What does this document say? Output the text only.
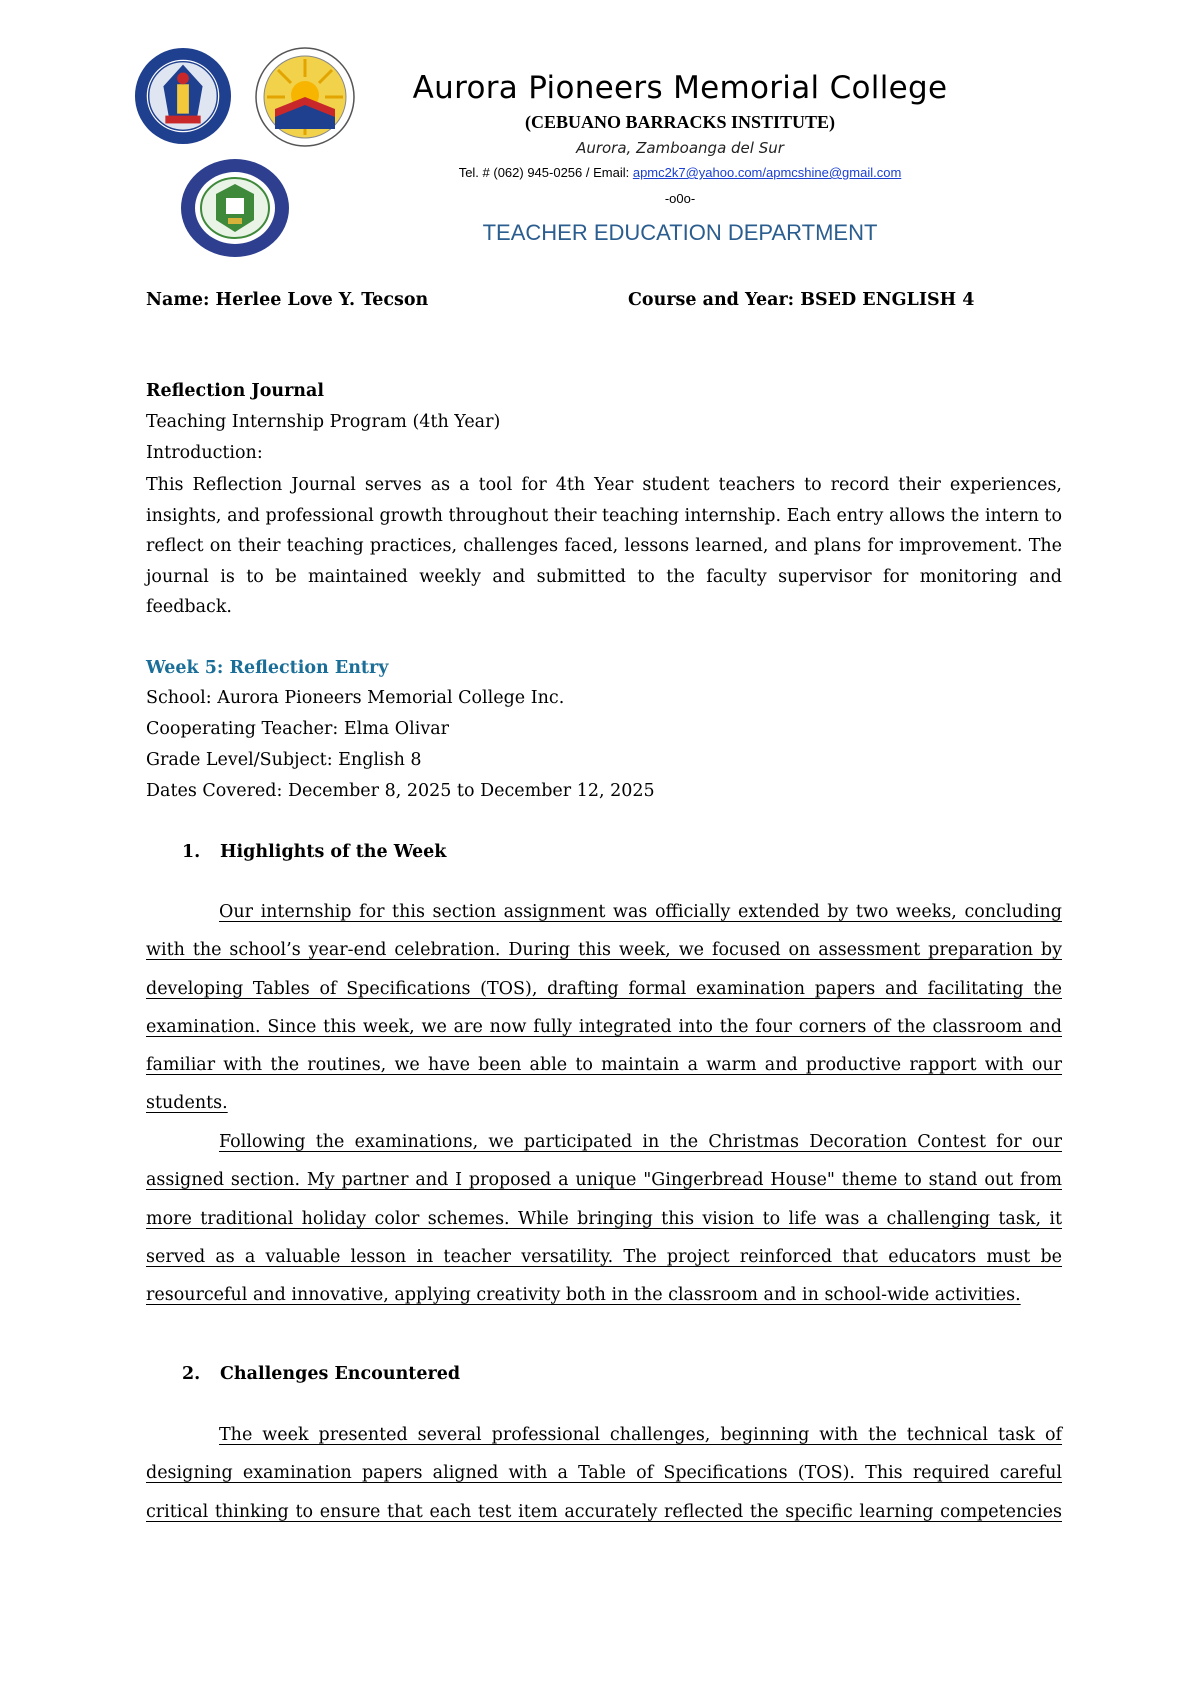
Aurora Pioneers Memorial College
(CEBUANO BARRACKS INSTITUTE)
Aurora, Zamboanga del Sur
Tel. # (062) 945-0256 / Email: apmc2k7@yahoo.com/apmcshine@gmail.com
-o0o-
TEACHER EDUCATION DEPARTMENT
Name: Herlee Love Y. Tecson	Course and Year: BSED ENGLISH 4
Reflection Journal
Teaching Internship Program (4th Year)
Introduction:
This Reflection Journal serves as a tool for 4th Year student teachers to record their experiences, insights, and professional growth throughout their teaching internship. Each entry allows the intern to reflect on their teaching practices, challenges faced, lessons learned, and plans for improvement. The journal is to be maintained weekly and submitted to the faculty supervisor for monitoring and feedback.
Week 5: Reflection Entry
School: Aurora Pioneers Memorial College Inc.
Cooperating Teacher: Elma Olivar
Grade Level/Subject: English 8
Dates Covered: December 8, 2025 to December 12, 2025
1. Highlights of the Week
Our internship for this section assignment was officially extended by two weeks, concluding with the school’s year-end celebration. During this week, we focused on assessment preparation by developing Tables of Specifications (TOS), drafting formal examination papers and facilitating the examination. Since this week, we are now fully integrated into the four corners of the classroom and familiar with the routines, we have been able to maintain a warm and productive rapport with our students.
Following the examinations, we participated in the Christmas Decoration Contest for our assigned section. My partner and I proposed a unique "Gingerbread House" theme to stand out from more traditional holiday color schemes. While bringing this vision to life was a challenging task, it served as a valuable lesson in teacher versatility. The project reinforced that educators must be resourceful and innovative, applying creativity both in the classroom and in school-wide activities.
2. Challenges Encountered
The week presented several professional challenges, beginning with the technical task of designing examination papers aligned with a Table of Specifications (TOS). This required careful critical thinking to ensure that each test item accurately reflected the specific learning competencies
